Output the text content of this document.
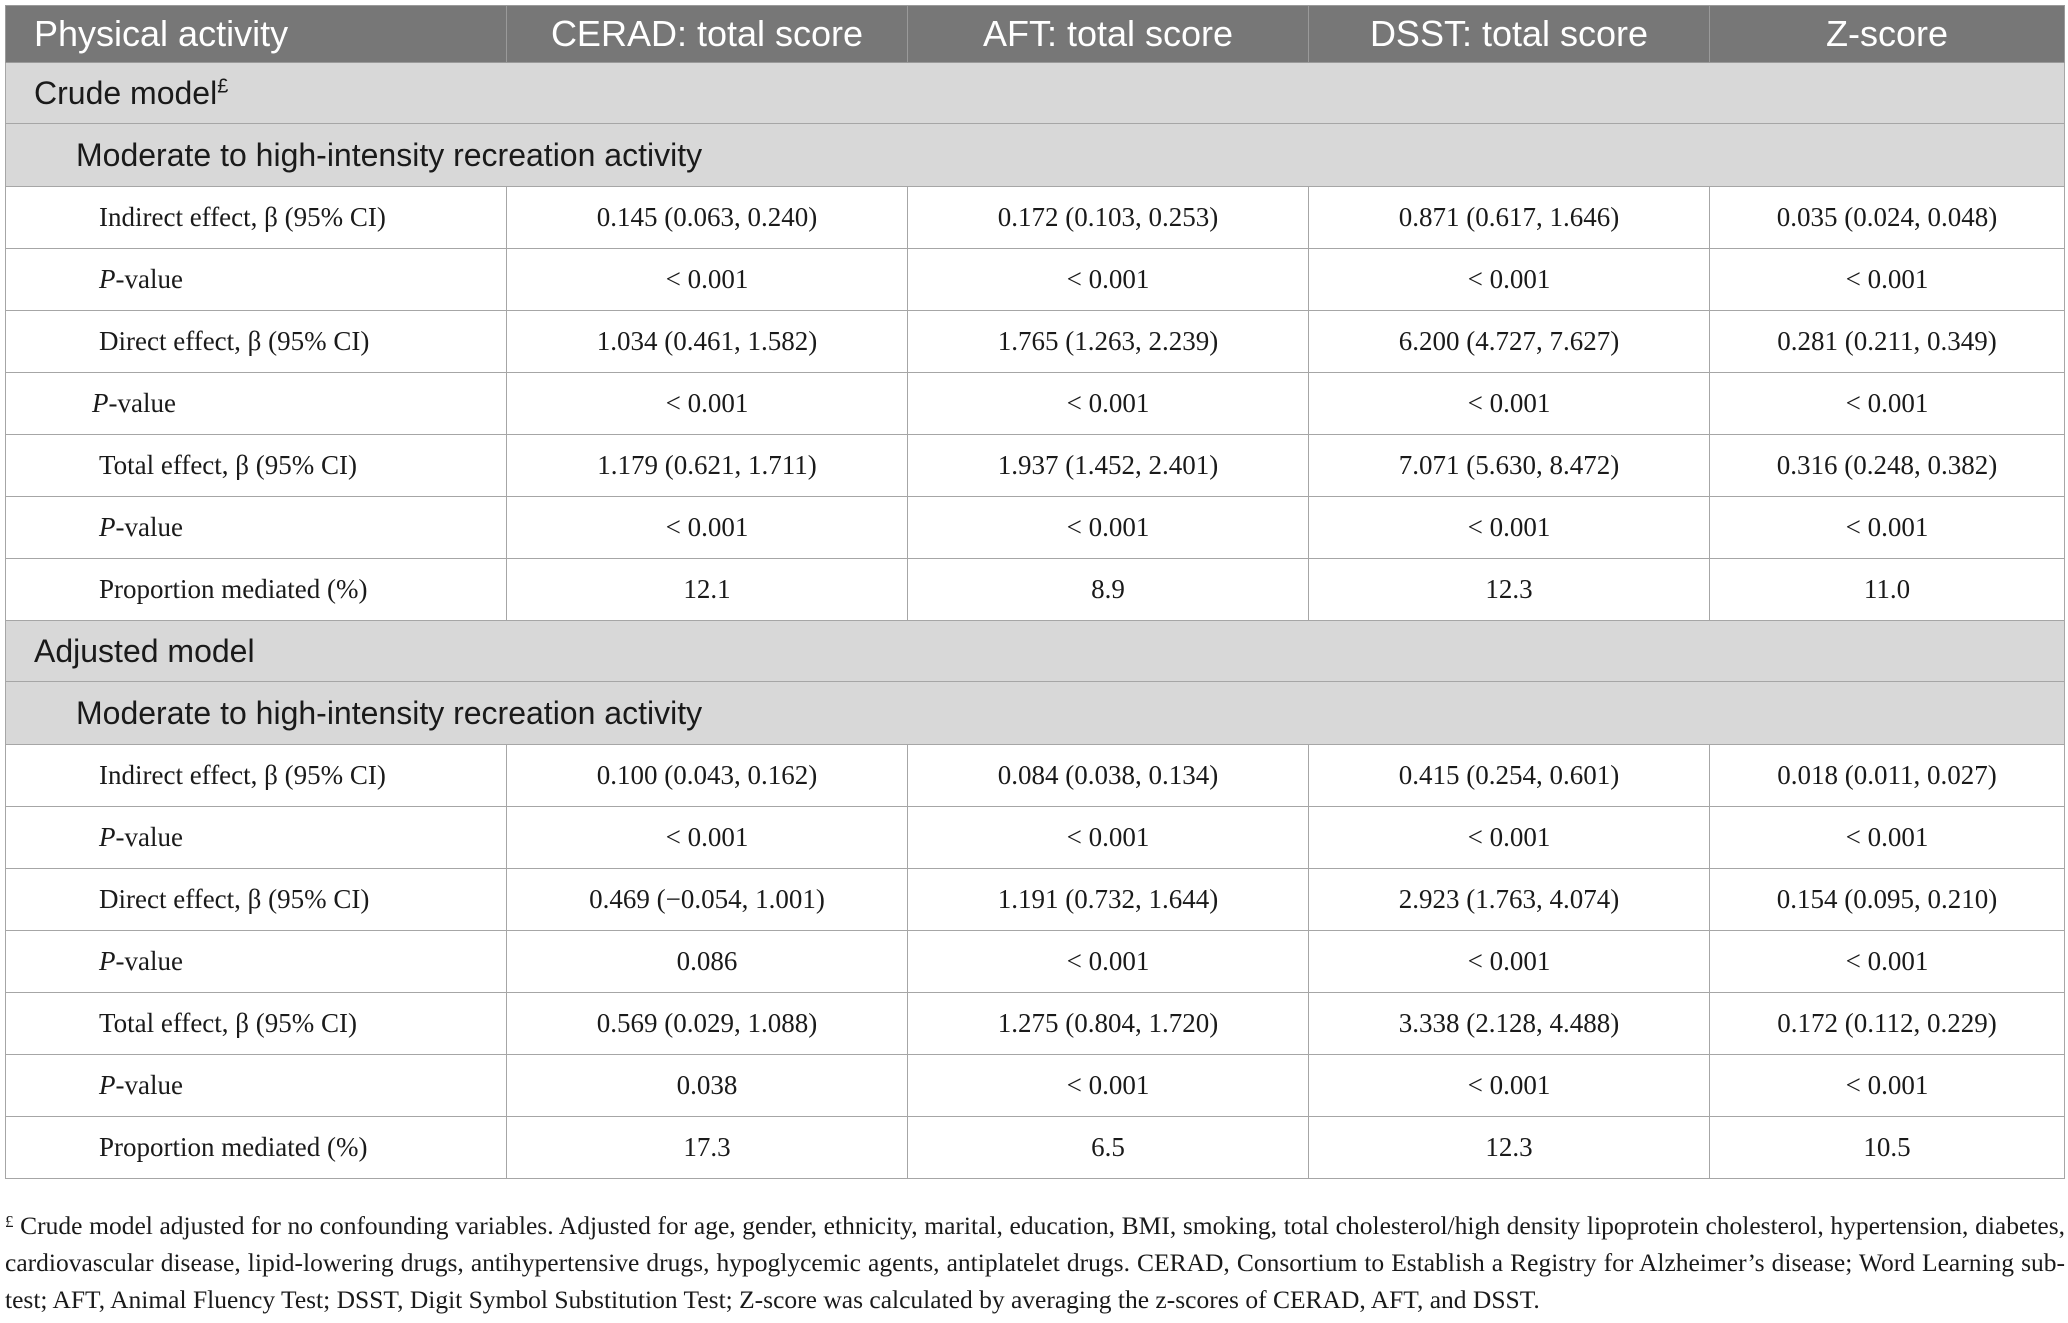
Physical activity	CERAD: total score	AFT: total score	DSST: total score	Z-score
Crude model£
Moderate to high-intensity recreation activity				
Indirect effect, β (95% CI)	0.145 (0.063, 0.240)	0.172 (0.103, 0.253)	0.871 (0.617, 1.646)	0.035 (0.024, 0.048)
P-value	< 0.001	< 0.001	< 0.001	< 0.001
Direct effect, β (95% CI)	1.034 (0.461, 1.582)	1.765 (1.263, 2.239)	6.200 (4.727, 7.627)	0.281 (0.211, 0.349)
P-value	< 0.001	< 0.001	< 0.001	< 0.001
Total effect, β (95% CI)	1.179 (0.621, 1.711)	1.937 (1.452, 2.401)	7.071 (5.630, 8.472)	0.316 (0.248, 0.382)
P-value	< 0.001	< 0.001	< 0.001	< 0.001
Proportion mediated (%)	12.1	8.9	12.3	11.0
Adjusted model				
Moderate to high-intensity recreation activity				
Indirect effect, β (95% CI)	0.100 (0.043, 0.162)	0.084 (0.038, 0.134)	0.415 (0.254, 0.601)	0.018 (0.011, 0.027)
P-value	< 0.001	< 0.001	< 0.001	< 0.001
Direct effect, β (95% CI)	0.469 (−0.054, 1.001)	1.191 (0.732, 1.644)	2.923 (1.763, 4.074)	0.154 (0.095, 0.210)
P-value	0.086	< 0.001	< 0.001	< 0.001
Total effect, β (95% CI)	0.569 (0.029, 1.088)	1.275 (0.804, 1.720)	3.338 (2.128, 4.488)	0.172 (0.112, 0.229)
P-value	0.038	< 0.001	< 0.001	< 0.001
Proportion mediated (%)	17.3	6.5	12.3	10.5
£ Crude model adjusted for no confounding variables. Adjusted for age, gender, ethnicity, marital, education, BMI, smoking, total cholesterol/high density lipoprotein cholesterol, hypertension, diabetes, cardiovascular disease, lipid-lowering drugs, antihypertensive drugs, hypoglycemic agents, antiplatelet drugs. CERAD, Consortium to Establish a Registry for Alzheimer’s disease; Word Learning sub-test; AFT, Animal Fluency Test; DSST, Digit Symbol Substitution Test; Z-score was calculated by averaging the z-scores of CERAD, AFT, and DSST.
